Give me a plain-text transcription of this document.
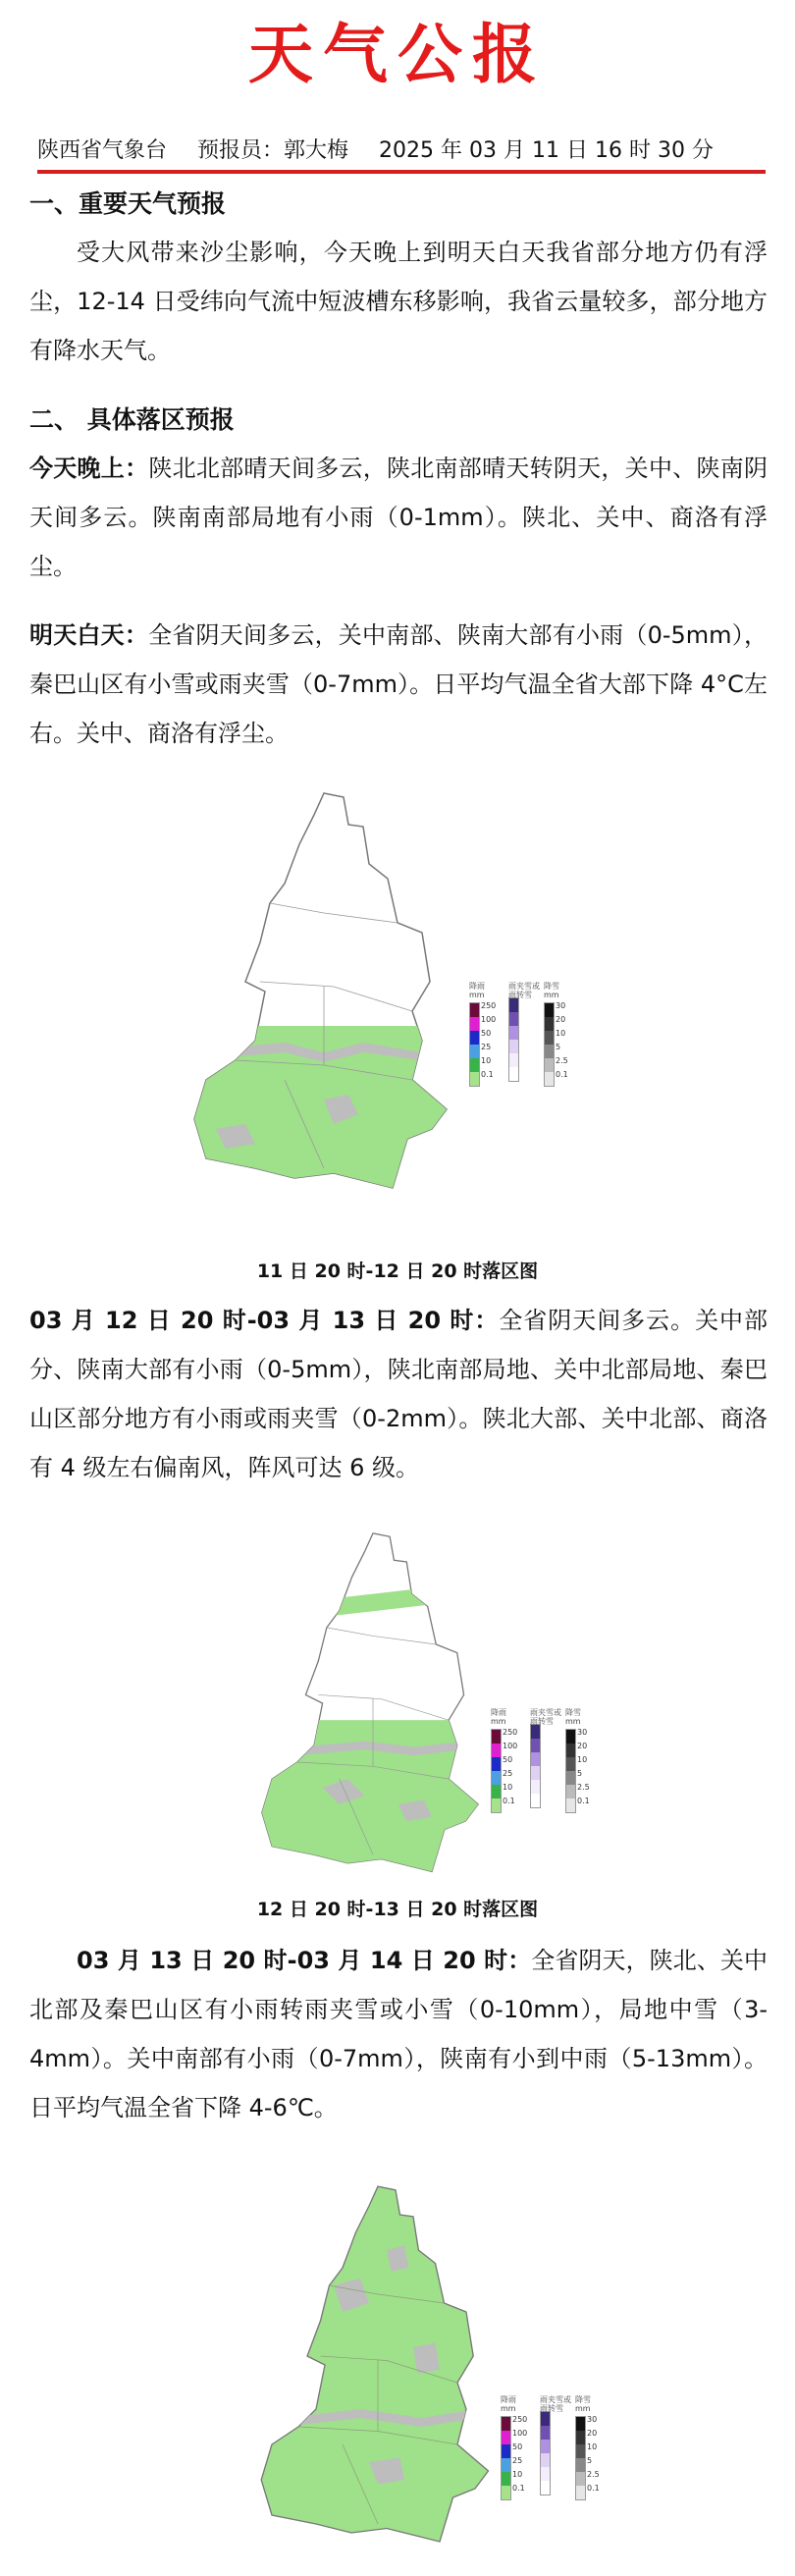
天气公报
陕西省气象台 预报员：郭大梅 2025 年 03 月 11 日 16 时 30 分
一、重要天气预报

受大风带来沙尘影响，今天晚上到明天白天我省部分地方仍有浮尘，12-14 日受纬向气流中短波槽东移影响，我省云量较多，部分地方有降水天气。

二、 具体落区预报

今天晚上：陕北北部晴天间多云，陕北南部晴天转阴天，关中、陕南阴天间多云。陕南南部局地有小雨（0-1mm）。陕北、关中、商洛有浮尘。

明天白天：全省阴天间多云，关中南部、陕南大部有小雨（0-5mm），秦巴山区有小雪或雨夹雪（0-7mm）。日平均气温全省大部下降 4°C左右。关中、商洛有浮尘。

降雨
mm
250
100
50
25
10
0.1
雨夹雪或雨转雪
降雪
mm
30
20
10
5
2.5
0.1
11 日 20 时-12 日 20 时落区图

03 月 12 日 20 时-03 月 13 日 20 时：全省阴天间多云。关中部分、陕南大部有小雨（0-5mm），陕北南部局地、关中北部局地、秦巴山区部分地方有小雨或雨夹雪（0-2mm）。陕北大部、关中北部、商洛有 4 级左右偏南风，阵风可达 6 级。

降雨
mm
250
100
50
25
10
0.1
雨夹雪或雨转雪
降雪
mm
30
20
10
5
2.5
0.1
12 日 20 时-13 日 20 时落区图

03 月 13 日 20 时-03 月 14 日 20 时：全省阴天，陕北、关中北部及秦巴山区有小雨转雨夹雪或小雪（0-10mm），局地中雪（3-4mm）。关中南部有小雨（0-7mm），陕南有小到中雨（5-13mm）。日平均气温全省下降 4-6℃。

降雨
mm
250
100
50
25
10
0.1
雨夹雪或雨转雪
降雪
mm
30
20
10
5
2.5
0.1
